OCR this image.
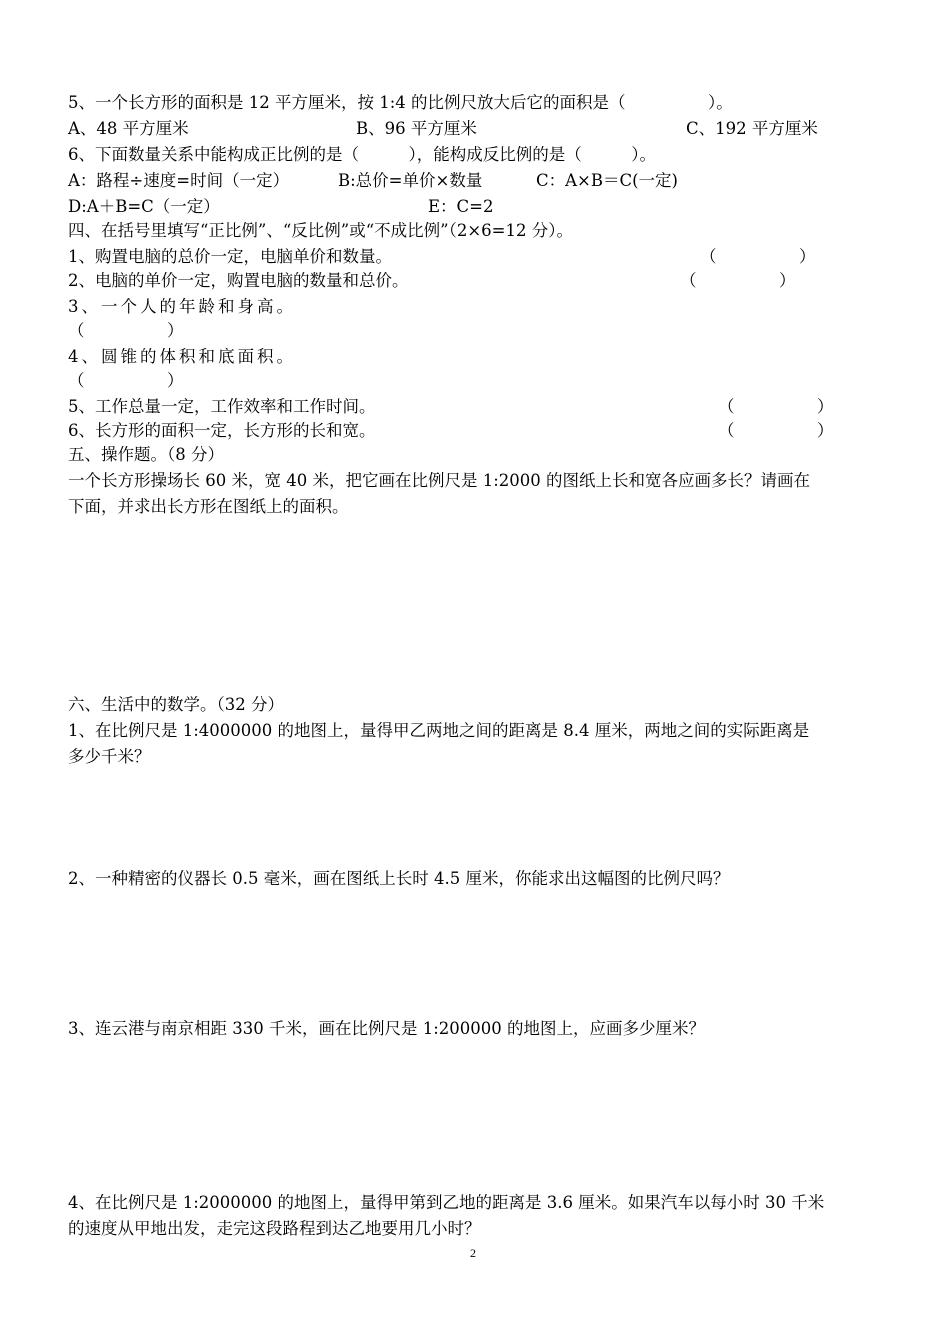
5、一个长方形的面积是 12 平方厘米，按 1:4 的比例尺放大后它的面积是（　　　　　）。
A、48 平方厘米	B、96 平方厘米	C、192 平方厘米
6、下面数量关系中能构成正比例的是（　　　），能构成反比例的是（　　　）。
A：路程÷速度=时间（一定）	B:总价=单价×数量	C：A×B＝C(一定)
D:A＋B=C（一定）	E：C=2
四、在括号里填写“正比例”、“反比例”或“不成比例”（2×6=12 分）。
1、购置电脑的总价一定，电脑单价和数量。	（　　　　　）
2、电脑的单价一定，购置电脑的数量和总价。	（　　　　　）
3、一个人的年龄和身高。
（　　　　　）
4、圆锥的体积和底面积。
（　　　　　）
5、工作总量一定，工作效率和工作时间。	（　　　　　）
6、长方形的面积一定，长方形的长和宽。	（　　　　　）
五、操作题。（8 分）
一个长方形操场长 60 米，宽 40 米，把它画在比例尺是 1:2000 的图纸上长和宽各应画多长？请画在
下面，并求出长方形在图纸上的面积。
六、生活中的数学。（32 分）
1、在比例尺是 1:4000000 的地图上，量得甲乙两地之间的距离是 8.4 厘米，两地之间的实际距离是
多少千米？
2、一种精密的仪器长 0.5 毫米，画在图纸上长时 4.5 厘米，你能求出这幅图的比例尺吗？
3、连云港与南京相距 330 千米，画在比例尺是 1:200000 的地图上，应画多少厘米？
4、在比例尺是 1:2000000 的地图上，量得甲第到乙地的距离是 3.6 厘米。如果汽车以每小时 30 千米
的速度从甲地出发，走完这段路程到达乙地要用几小时？
2
